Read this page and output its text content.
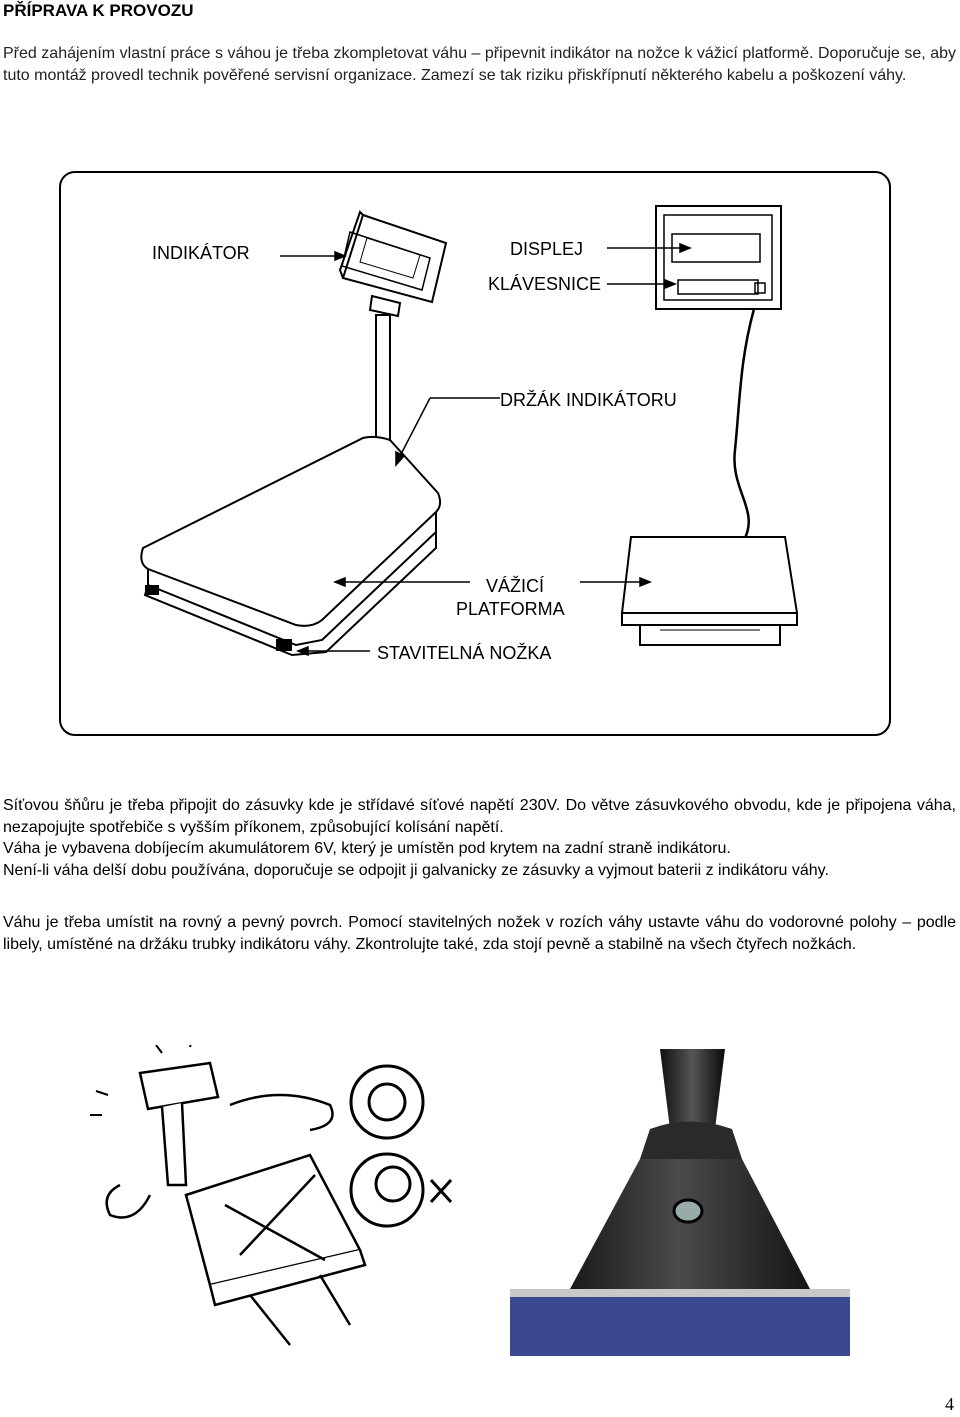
PŘÍPRAVA K PROVOZU
Před zahájením vlastní práce s váhou je třeba zkompletovat váhu – připevnit indikátor na nožce k vážicí platformě. Doporučuje se, aby tuto montáž provedl technik pověřené servisní organizace. Zamezí se tak riziku přiskřípnutí některého kabelu a poškození váhy.
INDIKÁTOR	DISPLEJ
KLÁVESNICE
DRŽÁK INDIKÁTORU
VÁŽICÍ
PLATFORMA
STAVITELNÁ NOŽKA
Síťovou šňůru je třeba připojit do zásuvky kde je střídavé síťové napětí 230V. Do větve zásuvkového obvodu, kde je připojena váha, nezapojujte spotřebiče s vyšším příkonem, způsobující kolísání napětí.
Váha je vybavena dobíjecím akumulátorem 6V, který je umístěn pod krytem na zadní straně indikátoru.
Není-li váha delší dobu používána, doporučuje se odpojit ji galvanicky ze zásuvky a vyjmout baterii z indikátoru váhy.
Váhu je třeba umístit na rovný a pevný povrch. Pomocí stavitelných nožek v rozích váhy ustavte váhu do vodorovné polohy – podle libely, umístěné na držáku trubky indikátoru váhy. Zkontrolujte také, zda stojí pevně a stabilně na všech čtyřech nožkách.
4
